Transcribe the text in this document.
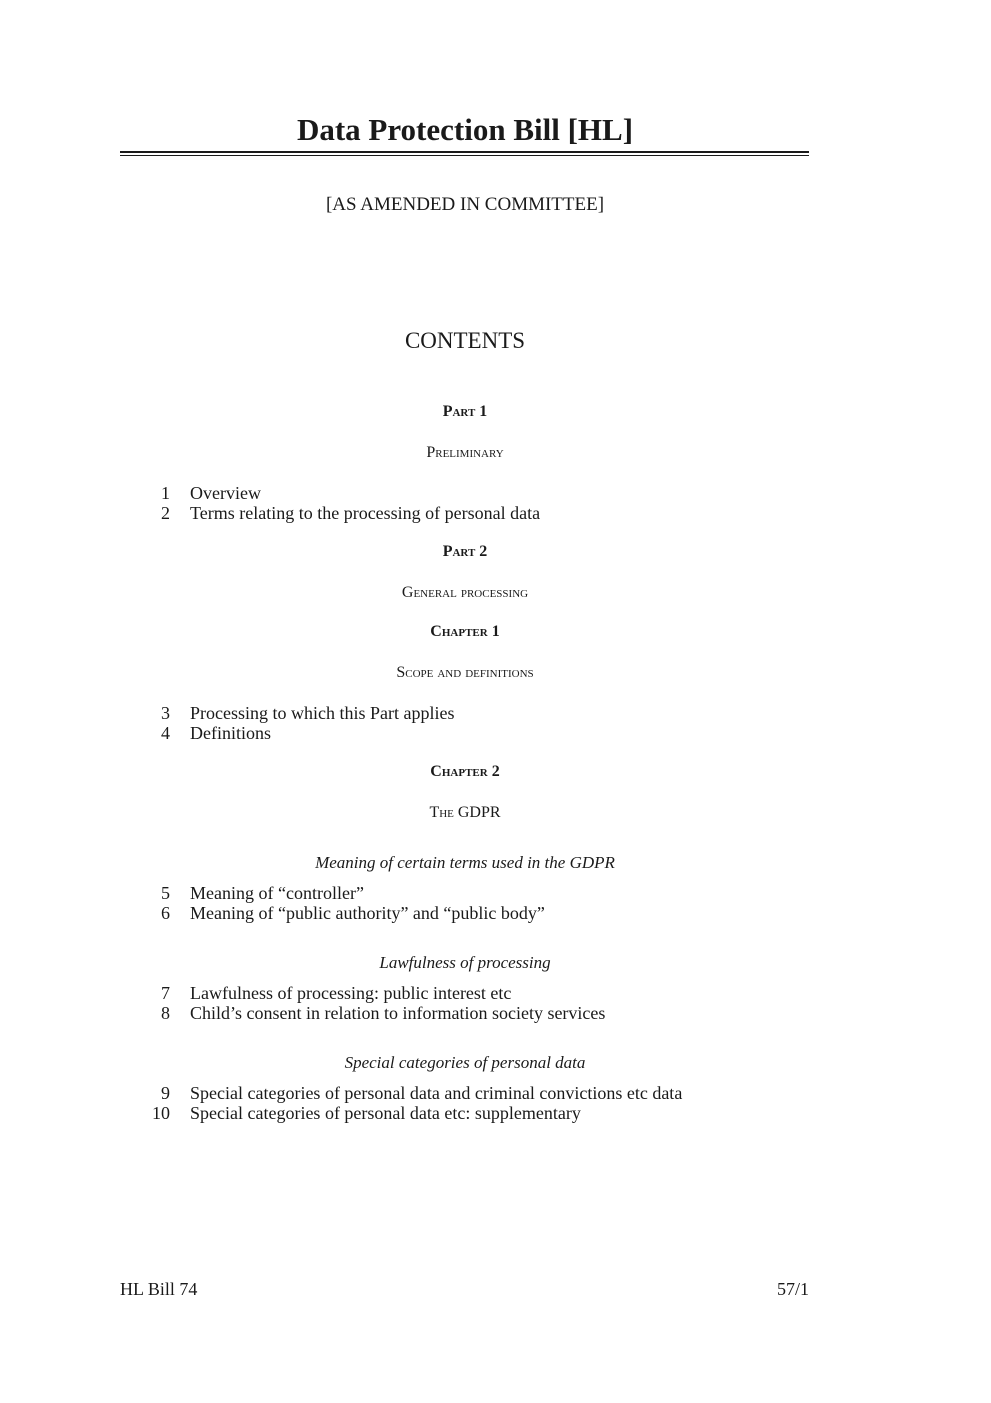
Data Protection Bill [HL]
[AS AMENDED IN COMMITTEE]
CONTENTS
Part 1
Preliminary
1 Overview
2 Terms relating to the processing of personal data
Part 2
General processing
Chapter 1
Scope and definitions
3 Processing to which this Part applies
4 Definitions
Chapter 2
The GDPR
Meaning of certain terms used in the GDPR
5 Meaning of “controller”
6 Meaning of “public authority” and “public body”
Lawfulness of processing
7 Lawfulness of processing: public interest etc
8 Child’s consent in relation to information society services
Special categories of personal data
9 Special categories of personal data and criminal convictions etc data
10 Special categories of personal data etc: supplementary
HL Bill 74	57/1
